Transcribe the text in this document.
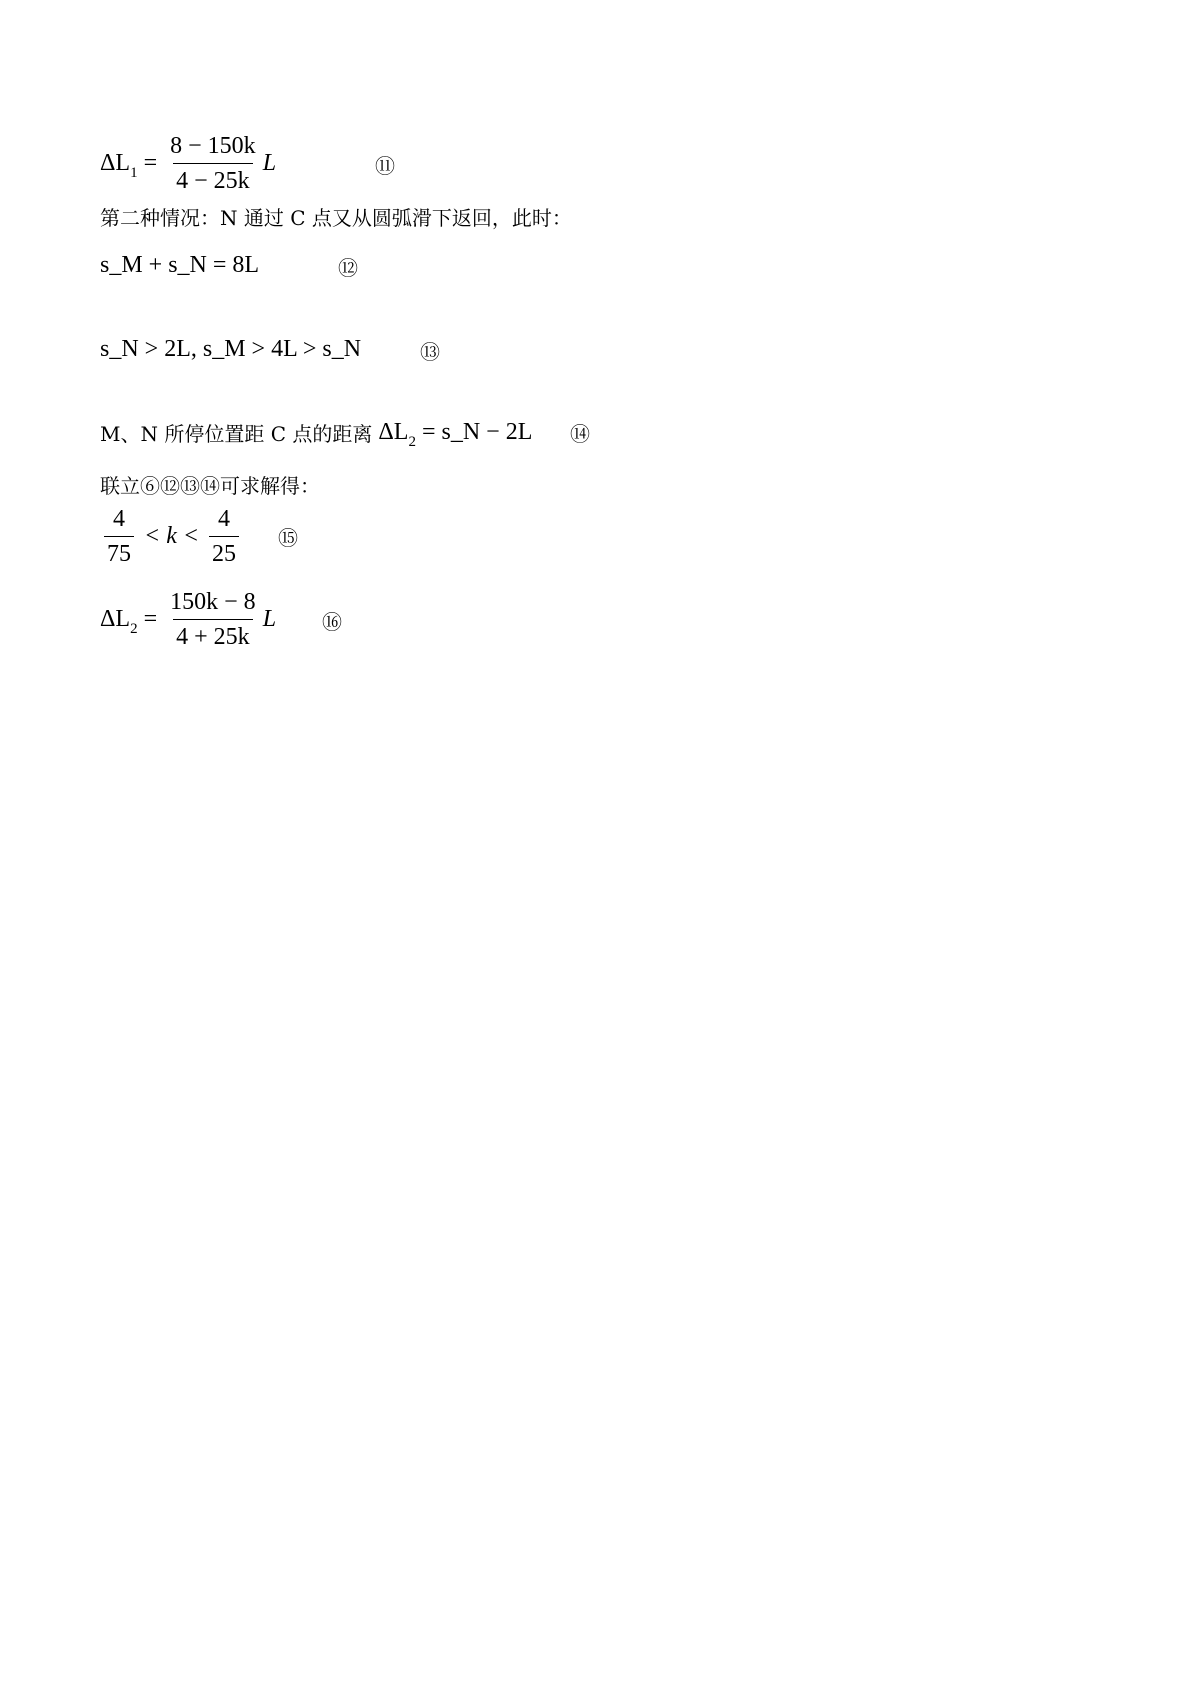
$\Delta L_1 = \frac{8 - 150k}{4 - 25k}$ L	⑪
第二种情况：N 通过 C 点又从圆弧滑下返回，此时：
s_M + s_N = 8L	⑫
s_N > 2L, s_M > 4L > s_N	⑬
M、N 所停位置距 C 点的距离 $\Delta L_2$ = s_N − 2L ⑭
联立⑥⑫⑬⑭可求解得：
$\frac{4}{75} < k < \frac{4}{25}$ ⑮
$\Delta L_2 = \frac{150k - 8}{4 + 25k}$ L ⑯
